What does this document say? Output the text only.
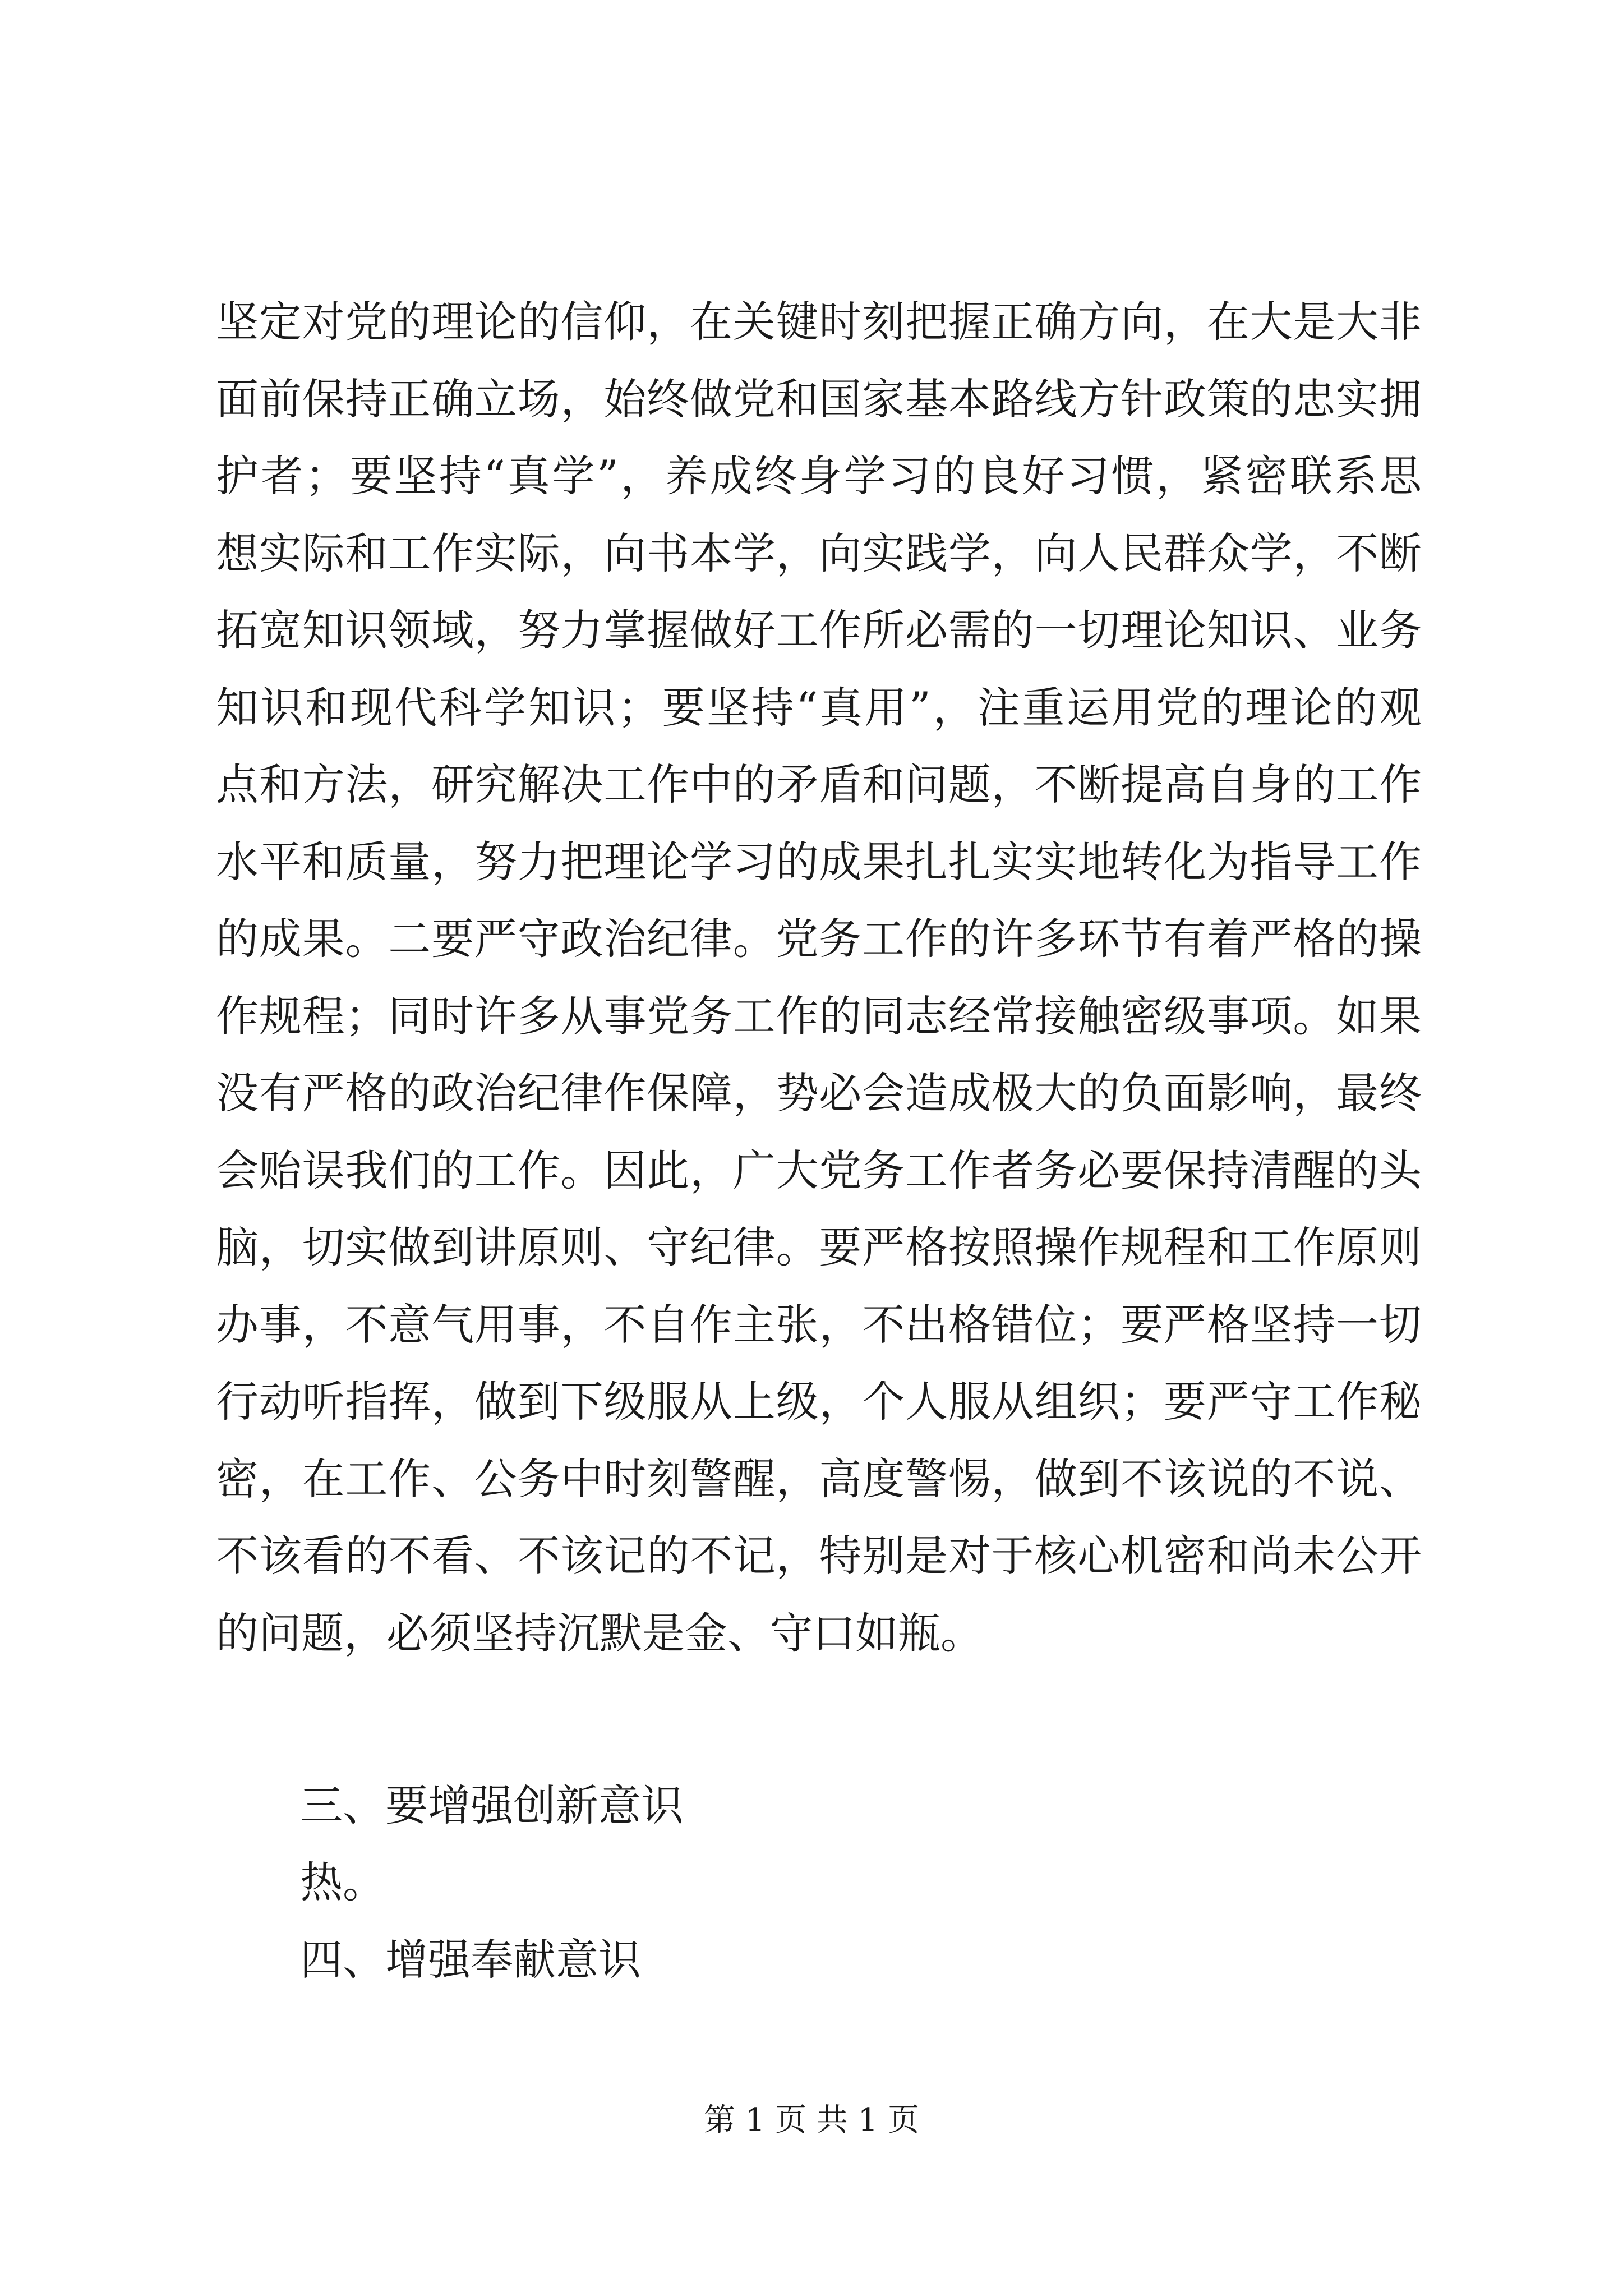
坚定对党的理论的信仰，在关键时刻把握正确方向，在大是大非
面前保持正确立场，始终做党和国家基本路线方针政策的忠实拥
护者；要坚持“真学”，养成终身学习的良好习惯，紧密联系思
想实际和工作实际，向书本学，向实践学，向人民群众学，不断
拓宽知识领域，努力掌握做好工作所必需的一切理论知识、业务
知识和现代科学知识；要坚持“真用”，注重运用党的理论的观
点和方法，研究解决工作中的矛盾和问题，不断提高自身的工作
水平和质量，努力把理论学习的成果扎扎实实地转化为指导工作
的成果。二要严守政治纪律。党务工作的许多环节有着严格的操
作规程；同时许多从事党务工作的同志经常接触密级事项。如果
没有严格的政治纪律作保障，势必会造成极大的负面影响，最终
会贻误我们的工作。因此，广大党务工作者务必要保持清醒的头
脑，切实做到讲原则、守纪律。要严格按照操作规程和工作原则
办事，不意气用事，不自作主张，不出格错位；要严格坚持一切
行动听指挥，做到下级服从上级，个人服从组织；要严守工作秘
密，在工作、公务中时刻警醒，高度警惕，做到不该说的不说、
不该看的不看、不该记的不记，特别是对于核心机密和尚未公开
的问题，必须坚持沉默是金、守口如瓶。
三、要增强创新意识
热。
四、增强奉献意识
第 1 页 共 1 页
